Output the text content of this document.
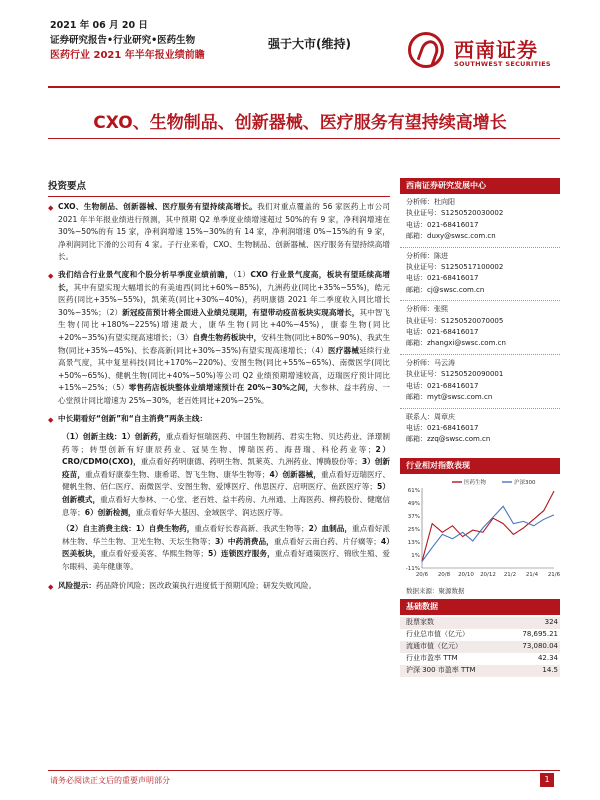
2021 年 06 月 20 日
证券研究报告•行业研究•医药生物
医药行业 2021 年半年报业绩前瞻
强于大市(维持)	西南证券
SOUTHWEST SECURITIES
CXO、生物制品、创新器械、医疗服务有望持续高增长
投资要点
◆ CXO、生物制品、创新器械、医疗服务有望持续高增长。我们对重点覆盖的 56 家医药上市公司 2021 年半年报业绩进行预测，其中预期 Q2 单季度业绩增速超过 50%的有 9 家，净利润增速在 30%~50%的有 15 家，净利润增速 15%~30%的有 14 家，净利润增速 0%~15%的有 9 家，净利润同比下滑的公司有 4 家。子行业来看，CXO、生物制品、创新器械、医疗服务有望持续高增长。
◆ 我们结合行业景气度和个股分析早季度业绩前瞻，（1）CXO 行业景气度高，板块有望延续高增长，其中有望实现大幅增长的有美迪西(同比+60%~85%)，九洲药业(同比+35%~55%)，皓元医药(同比+35%~55%)，凯莱英(同比+30%~40%)，药明康德 2021 年二季度收入同比增长 30%~35%；（2）新冠疫苗预计将全面进入业绩兑现期，有望带动疫苗板块实现高增长，其中智飞生物(同比+180%~225%)增速最大，康华生物(同比+40%~45%)，康泰生物(同比+20%~35%)有望实现高速增长；（3）自费生物药板块中，安科生物(同比+80%~90%)、我武生物(同比+35%~45%)、长春高新(同比+30%~35%)有望实现高速增长；（4）医疗器械延续行业高景气度，其中复星科技(同比+170%~220%)、安图生物(同比+55%~65%)、南微医学(同比+50%~65%)、健帆生物(同比+40%~50%)等公司 Q2 业绩预期增速较高，迈瑞医疗预计同比+15%~25%；（5）零售药店板块整体业绩增速预计在 20%~30%之间，大参林、益丰药房、一心堂预计同比增速为 25%~30%，老百姓同比+20%~25%。
◆ 中长期看好“创新”和“自主消费”两条主线：
（1）创新主线：1）创新药，重点看好恒瑞医药、中国生物制药、君实生物、贝达药业、泽璟制药等；转型创新有好康辰药业、冠昊生物、博瑞医药、海普瑞、科伦药业等；2）CRO/CDMO(CXO)，重点看好药明康德、药明生物、凯莱英、九洲药业、博腾股份等；3）创新疫苗，重点看好康泰生物、康希诺、智飞生物、康华生物等；4）创新器械，重点看好迈瑞医疗、健帆生物、佰仁医疗、南微医学、安图生物、爱博医疗、伟思医疗、启明医疗、鱼跃医疗等；5）创新模式，重点看好大参林、一心堂、老百姓、益丰药房、九州通、上海医药、柳药股份、健麾信息等；6）创新检测，重点看好华大基因、金域医学、润达医疗等。
（2）自主消费主线：1）自费生物药，重点看好长春高新、我武生物等；2）血制品，重点看好派林生物、华兰生物、卫光生物、天坛生物等；3）中药消费品，重点看好云南白药、片仔癀等；4）医美板块，重点看好爱美客、华熙生物等；5）连锁医疗服务，重点看好通策医疗、锦欣生殖、爱尔眼科、美年健康等。
◆ 风险提示：药品降价风险；医改政策执行进度低于预期风险；研发失败风险。
西南证券研究发展中心
分析师：杜向阳
执业证号：S1250520030002
电话：021-68416017
邮箱：duxy@swsc.com.cn
分析师：陈进
执业证号：S1250517100002
电话：021-68416017
邮箱：cj@swsc.com.cn
分析师：张熙
执业证号：S1250520070005
电话：021-68416017
邮箱：zhangxi@swsc.com.cn
分析师：马云涛
执业证号：S1250520090001
电话：021-68416017
邮箱：myt@swsc.com.cn
联系人：周章庆
电话：021-68416017
邮箱：zzq@swsc.com.cn
行业相对指数表现
61%
49%
37%
25%
13%
1%
-11%
20/6 20/8 20/10 20/12 21/2 21/4 21/6
医药生物	沪深300
数据来源：聚源数据
基础数据
股票家数	324
行业总市值（亿元）	78,695.21
流通市值（亿元）	73,080.04
行业市盈率 TTM	42.34
沪深 300 市盈率 TTM	14.5
请务必阅读正文后的重要声明部分	1
